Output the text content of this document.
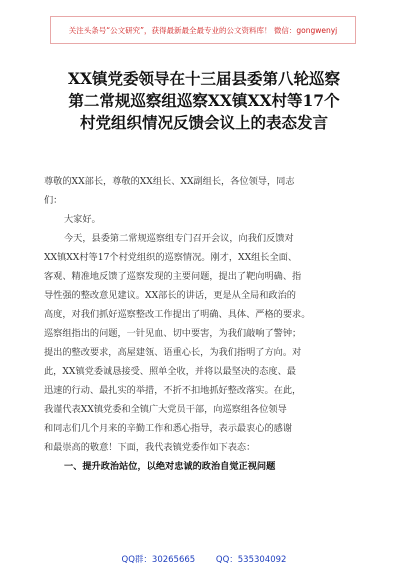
关注头条号“公文研究”，获得最新最全最专业的公文资料库！ 微信：gongwenyj
XX镇党委领导在十三届县委第八轮巡察
第二常规巡察组巡察XX镇XX村等17个
村党组织情况反馈会议上的表态发言
尊敬的XX部长，尊敬的XX组长、XX副组长，各位领导，同志
们：
大家好。
今天，县委第二常规巡察组专门召开会议，向我们反馈对
XX镇XX村等17个村党组织的巡察情况。刚才，XX组长全面、
客观、精准地反馈了巡察发现的主要问题，提出了靶向明确、指
导性强的整改意见建议。XX部长的讲话，更是从全局和政治的
高度，对我们抓好巡察整改工作提出了明确、具体、严格的要求。
巡察组指出的问题，一针见血、切中要害，为我们敲响了警钟；
提出的整改要求，高屋建瓴、语重心长，为我们指明了方向。对
此，XX镇党委诚恳接受、照单全收，并将以最坚决的态度、最
迅速的行动、最扎实的举措，不折不扣地抓好整改落实。在此，
我谨代表XX镇党委和全镇广大党员干部，向巡察组各位领导
和同志们几个月来的辛勤工作和悉心指导，表示最衷心的感谢
和最崇高的敬意！下面，我代表镇党委作如下表态：
一、提升政治站位，以绝对忠诚的政治自觉正视问题
QQ群：30265665 QQ：535304092
